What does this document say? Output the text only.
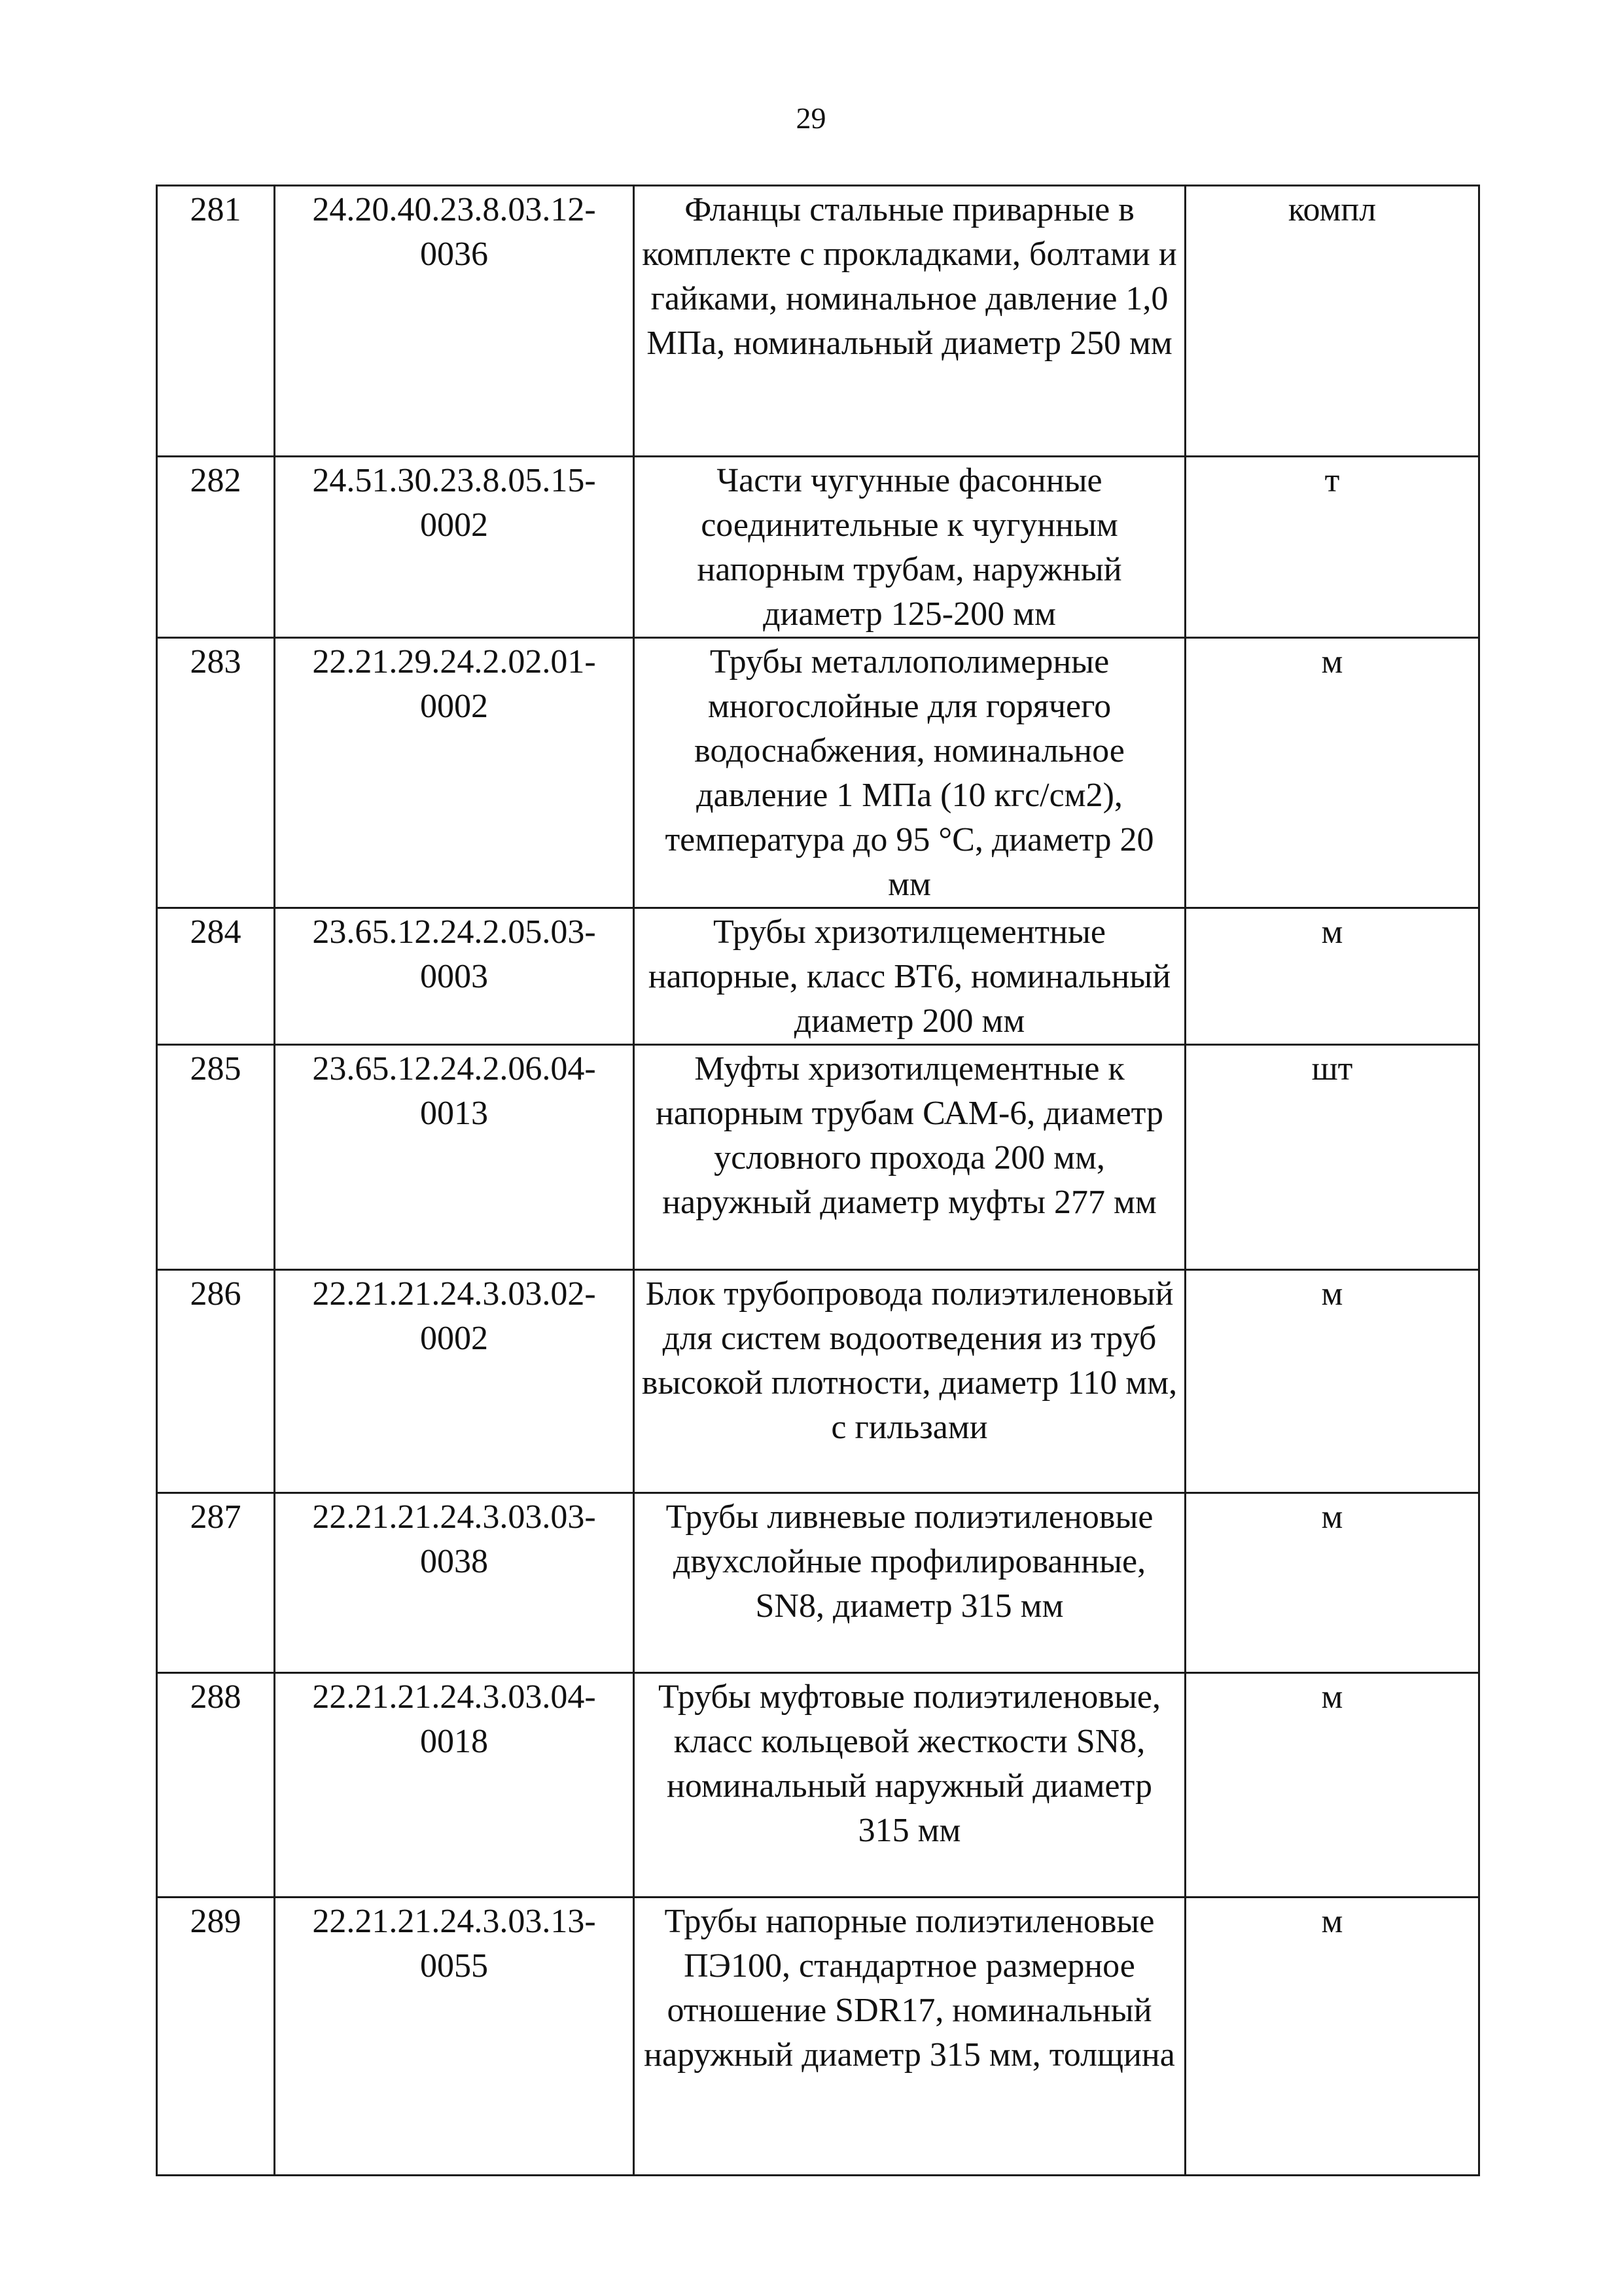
29
281	24.20.40.23.8.03.12-0036	Фланцы стальные приварные в комплекте с прокладками, болтами и гайками, номинальное давление 1,0 МПа, номинальный диаметр 250 мм	компл
282	24.51.30.23.8.05.15-0002	Части чугунные фасонные соединительные к чугунным напорным трубам, наружный диаметр 125-200 мм	т
283	22.21.29.24.2.02.01-0002	Трубы металлополимерные многослойные для горячего водоснабжения, номинальное давление 1 МПа (10 кгс/см2), температура до 95 °С, диаметр 20 мм	м
284	23.65.12.24.2.05.03-0003	Трубы хризотилцементные напорные, класс ВТ6, номинальный диаметр 200 мм	м
285	23.65.12.24.2.06.04-0013	Муфты хризотилцементные к напорным трубам САМ-6, диаметр условного прохода 200 мм, наружный диаметр муфты 277 мм	шт
286	22.21.21.24.3.03.02-0002	Блок трубопровода полиэтиленовый для систем водоотведения из труб высокой плотности, диаметр 110 мм, с гильзами	м
287	22.21.21.24.3.03.03-0038	Трубы ливневые полиэтиленовые двухслойные профилированные, SN8, диаметр 315 мм	м
288	22.21.21.24.3.03.04-0018	Трубы муфтовые полиэтиленовые, класс кольцевой жесткости SN8, номинальный наружный диаметр 315 мм	м
289	22.21.21.24.3.03.13-0055	Трубы напорные полиэтиленовые ПЭ100, стандартное размерное отношение SDR17, номинальный наружный диаметр 315 мм, толщина	м
